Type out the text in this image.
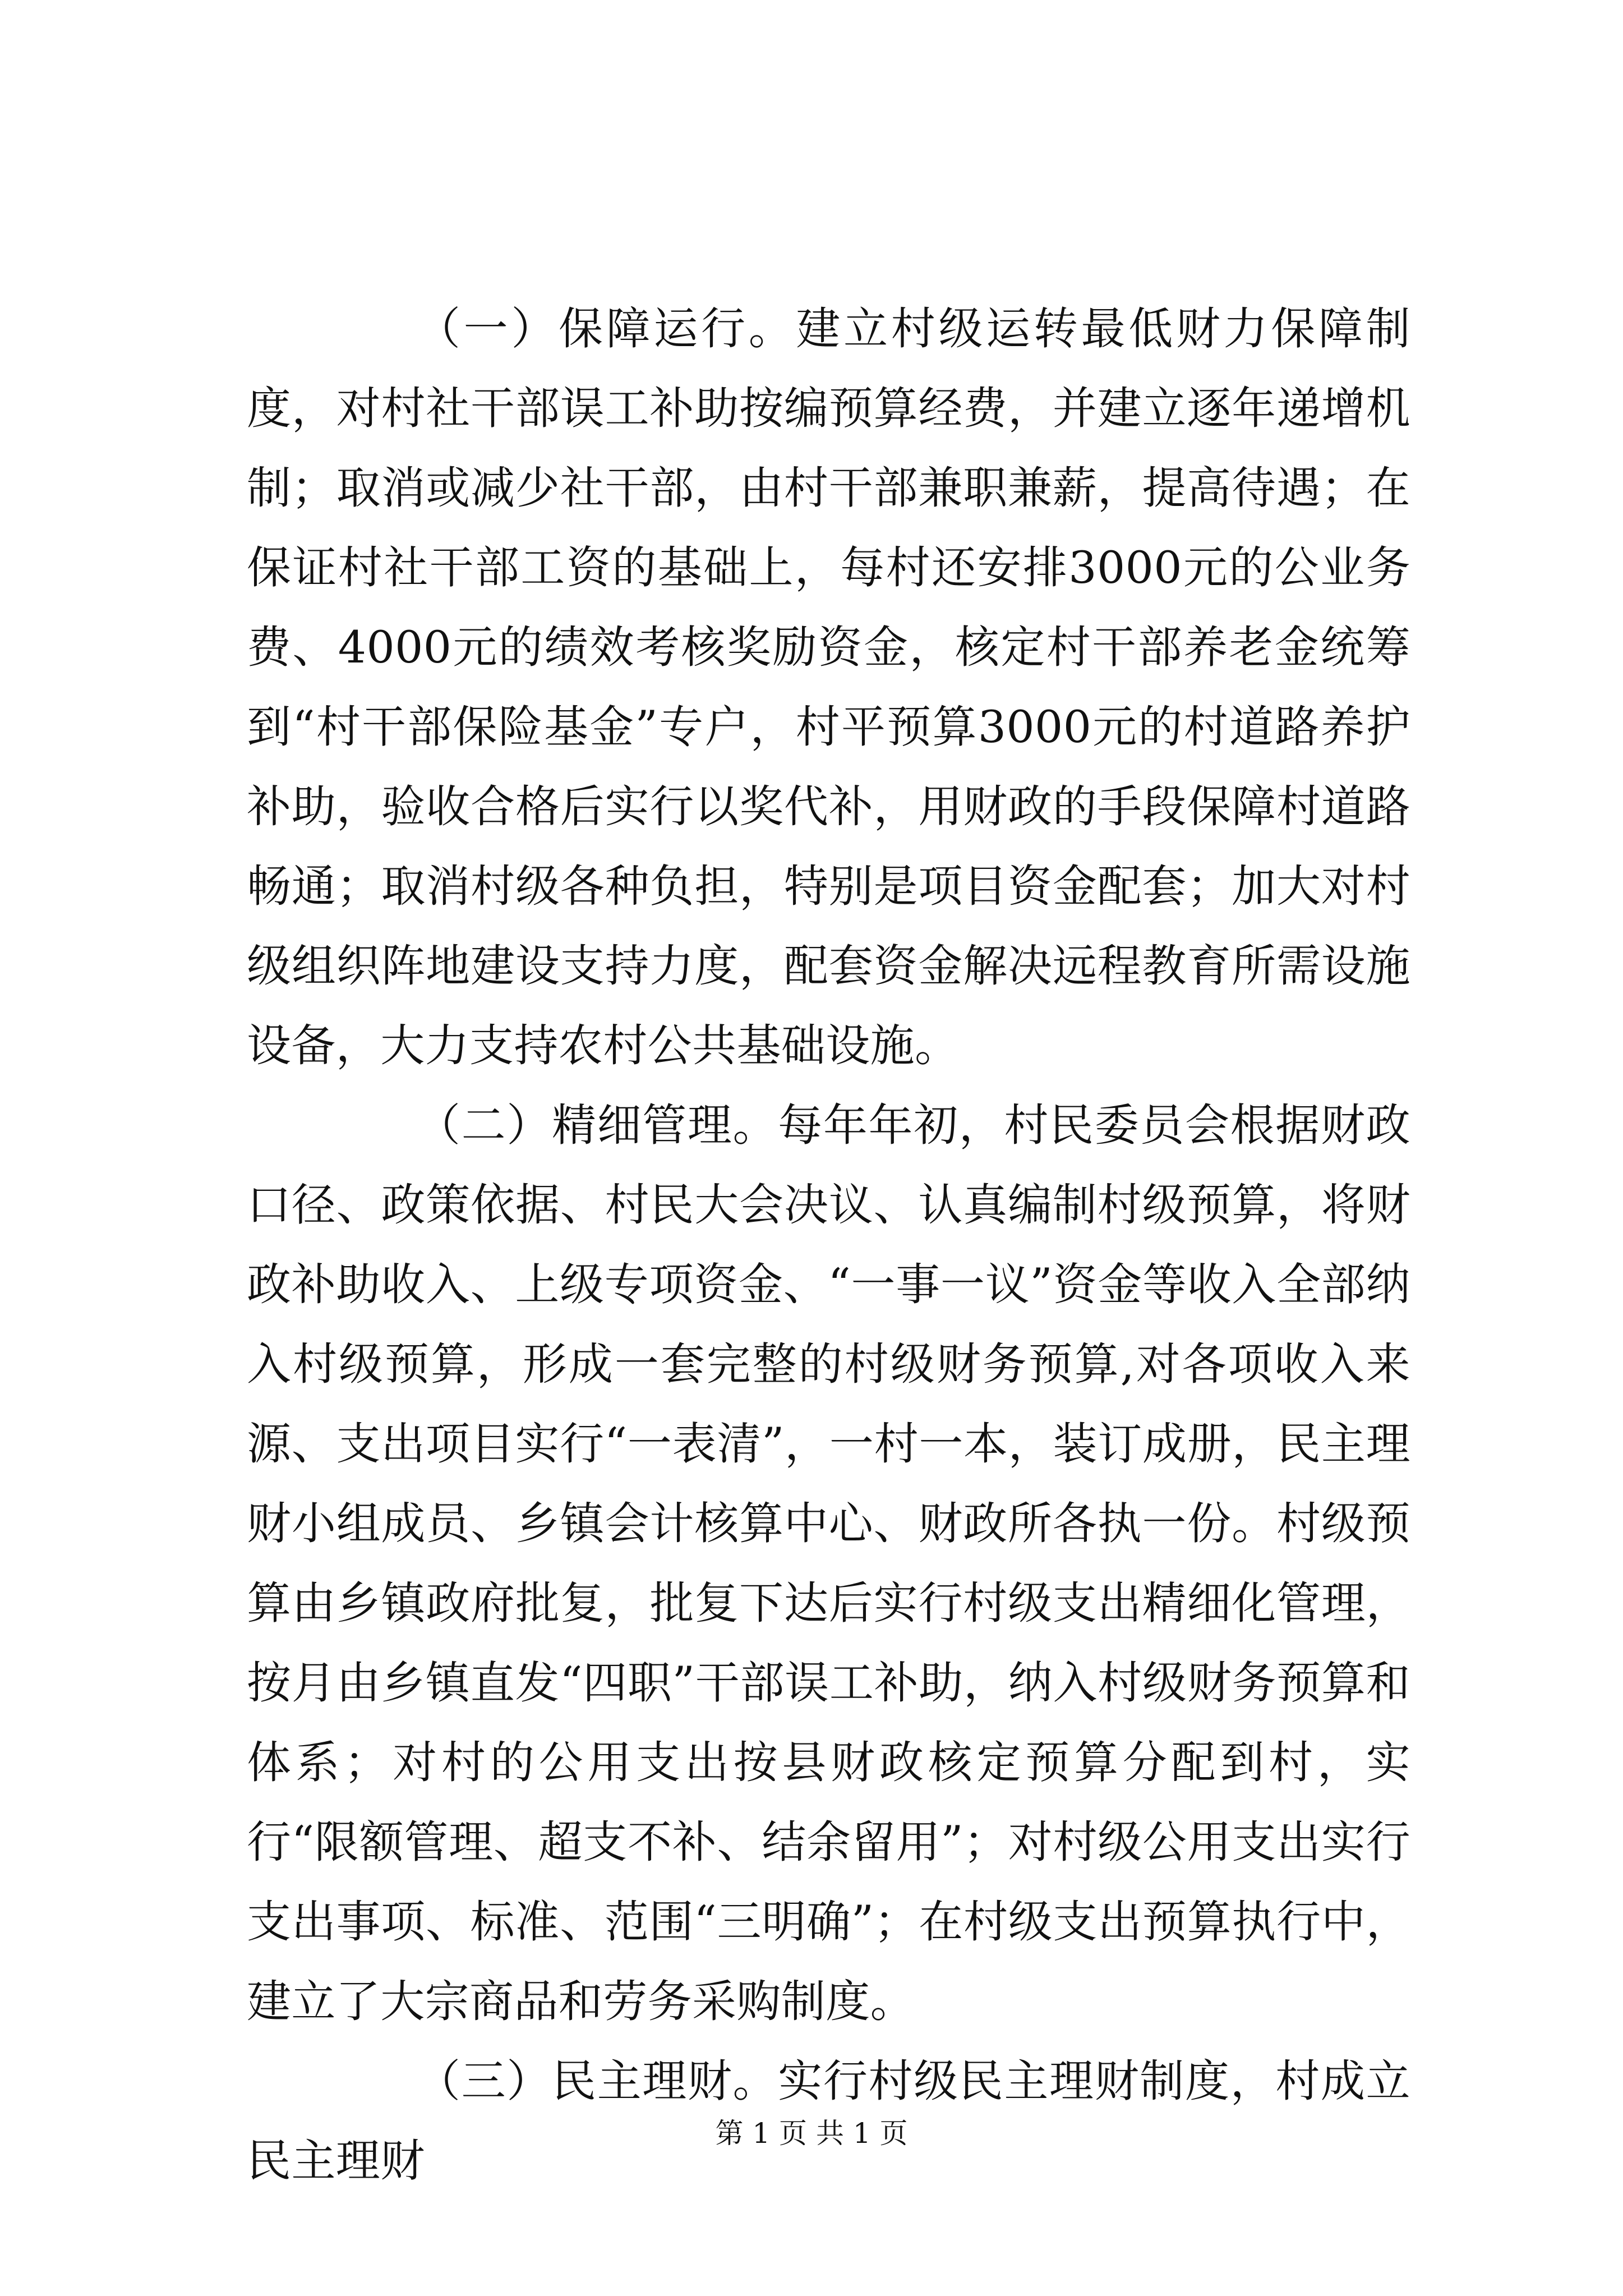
（一）保障运行。建立村级运转最低财力保障制度，对村社干部误工补助按编预算经费，并建立逐年递增机制；取消或减少社干部，由村干部兼职兼薪，提高待遇；在保证村社干部工资的基础上，每村还安排3000元的公业务费、4000元的绩效考核奖励资金，核定村干部养老金统筹到“村干部保险基金”专户，村平预算3000元的村道路养护补助，验收合格后实行以奖代补，用财政的手段保障村道路畅通；取消村级各种负担，特别是项目资金配套；加大对村级组织阵地建设支持力度，配套资金解决远程教育所需设施设备，大力支持农村公共基础设施。

（二）精细管理。每年年初，村民委员会根据财政口径、政策依据、村民大会决议、认真编制村级预算，将财政补助收入、上级专项资金、“一事一议”资金等收入全部纳入村级预算，形成一套完整的村级财务预算,对各项收入来源、支出项目实行“一表清”，一村一本，装订成册，民主理财小组成员、乡镇会计核算中心、财政所各执一份。村级预算由乡镇政府批复，批复下达后实行村级支出精细化管理，按月由乡镇直发“四职”干部误工补助，纳入村级财务预算和体系；对村的公用支出按县财政核定预算分配到村，实行“限额管理、超支不补、结余留用”；对村级公用支出实行支出事项、标准、范围“三明确”；在村级支出预算执行中，建立了大宗商品和劳务采购制度。

（三）民主理财。实行村级民主理财制度，村成立民主理财

第 1 页 共 1 页
